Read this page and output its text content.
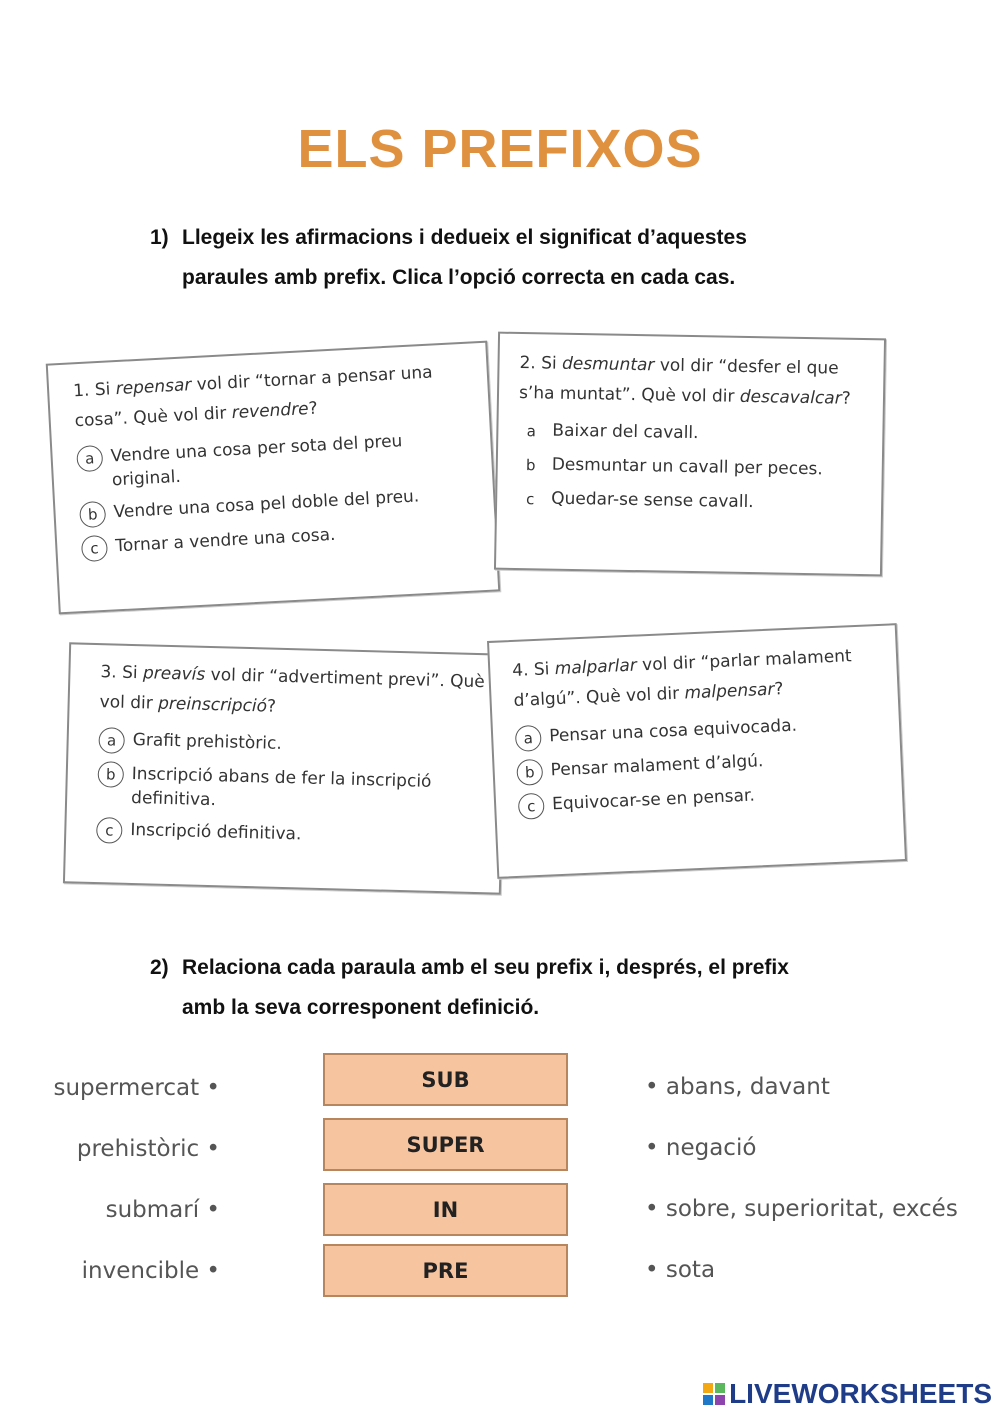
ELS PREFIXOS
1) Llegeix les afirmacions i dedueix el significat d’aquestes
paraules amb prefix. Clica l’opció correcta en cada cas.
1. Si repensar vol dir “tornar a pensar una cosa”. Què vol dir revendre?
a Vendre una cosa per sota del preu original.
b Vendre una cosa pel doble del preu.
c Tornar a vendre una cosa.
2. Si desmuntar vol dir “desfer el que s’ha muntat”. Què vol dir descavalcar?
a Baixar del cavall.
b Desmuntar un cavall per peces.
c Quedar-se sense cavall.
3. Si preavís vol dir “advertiment previ”. Què vol dir preinscripció?
a Grafit prehistòric.
b Inscripció abans de fer la inscripció definitiva.
c Inscripció definitiva.
4. Si malparlar vol dir “parlar malament d’algú”. Què vol dir malpensar?
a Pensar una cosa equivocada.
b Pensar malament d’algú.
c Equivocar-se en pensar.
2) Relaciona cada paraula amb el seu prefix i, després, el prefix
amb la seva corresponent definició.
supermercat •
prehistòric •
submarí •
invencible •
SUB
SUPER
IN
PRE
• abans, davant
• negació
• sobre, superioritat, excés
• sota
LIVEWORKSHEETS
